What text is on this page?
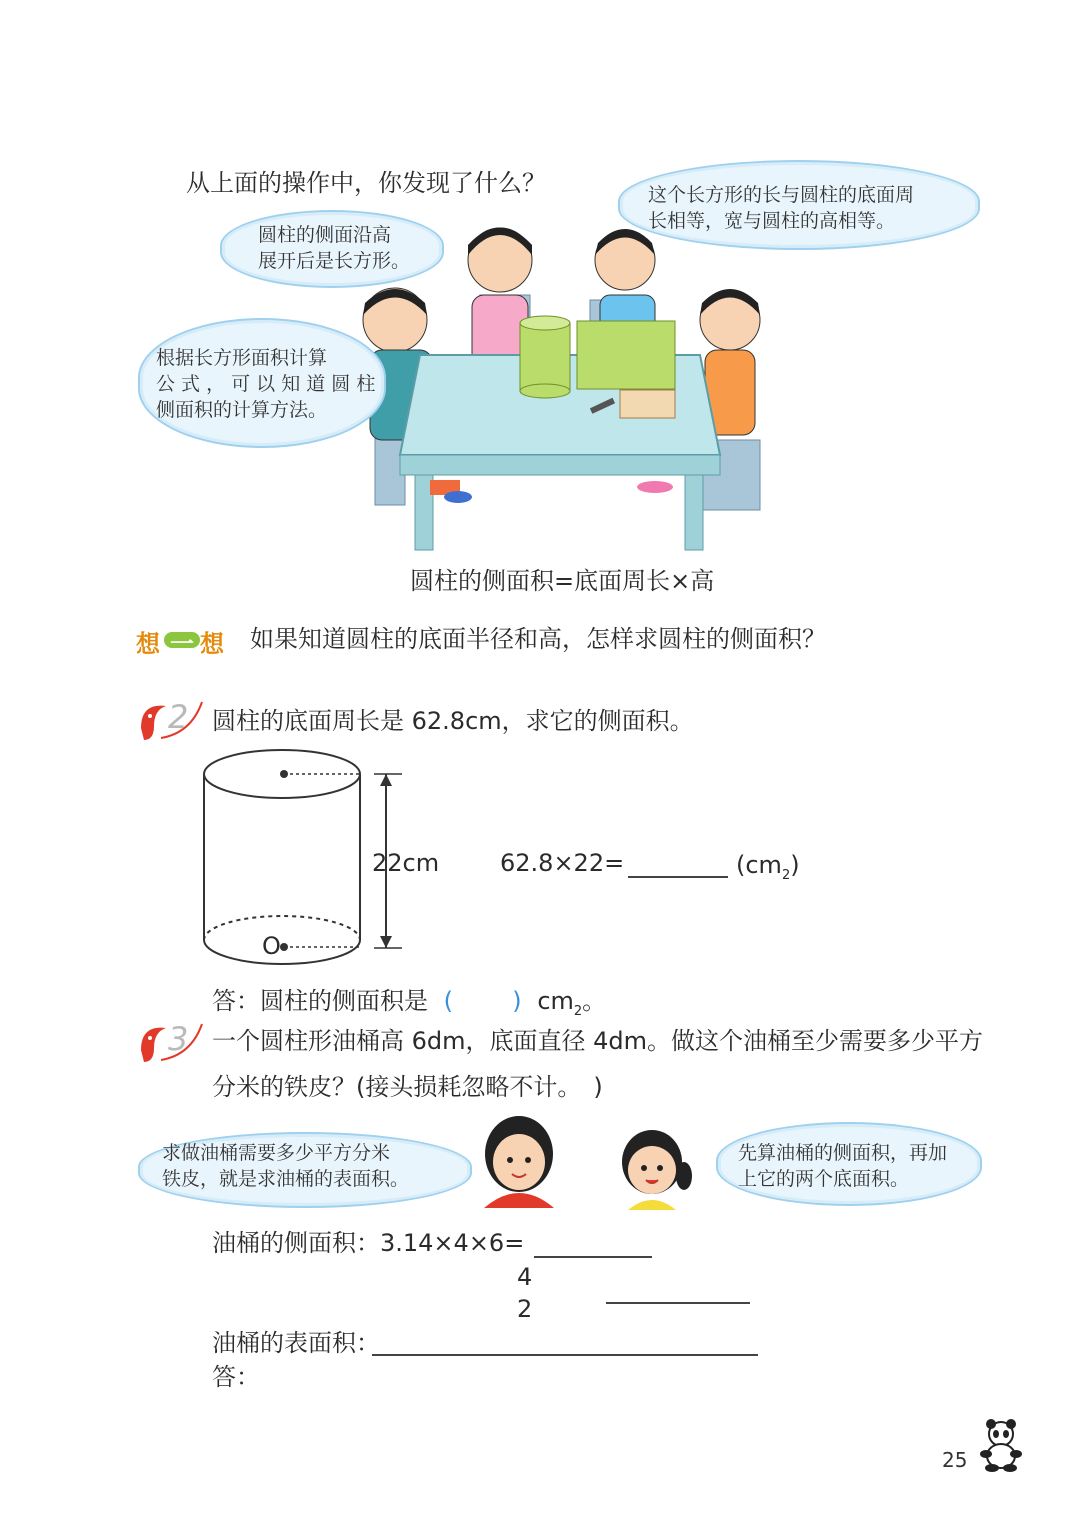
从上面的操作中，你发现了什么？
圆柱的侧面沿高
展开后是长方形。
这个长方形的长与圆柱的底面周
长相等，宽与圆柱的高相等。
根据长方形面积计算
公 式 ， 可 以 知 道 圆 柱
侧面积的计算方法。
圆柱的侧面积=底面周长×高
想 一 想 如果知道圆柱的底面半径和高，怎样求圆柱的侧面积？
2 圆柱的底面周长是 62.8cm，求它的侧面积。
22cm
O
62.8×22=	$(cm_2)$
答：圆柱的侧面积是 ( ) $cm_2$。
3 一个圆柱形油桶高 6dm，底面直径 4dm。做这个油桶至少需要多少平方
分米的铁皮？(接头损耗忽略不计。　)
求做油桶需要多少平方分米
铁皮，就是求油桶的表面积。
先算油桶的侧面积，再加
上它的两个底面积。
油桶的侧面积：3.14×4×6=
4
2
油桶的表面积：
答：
25
